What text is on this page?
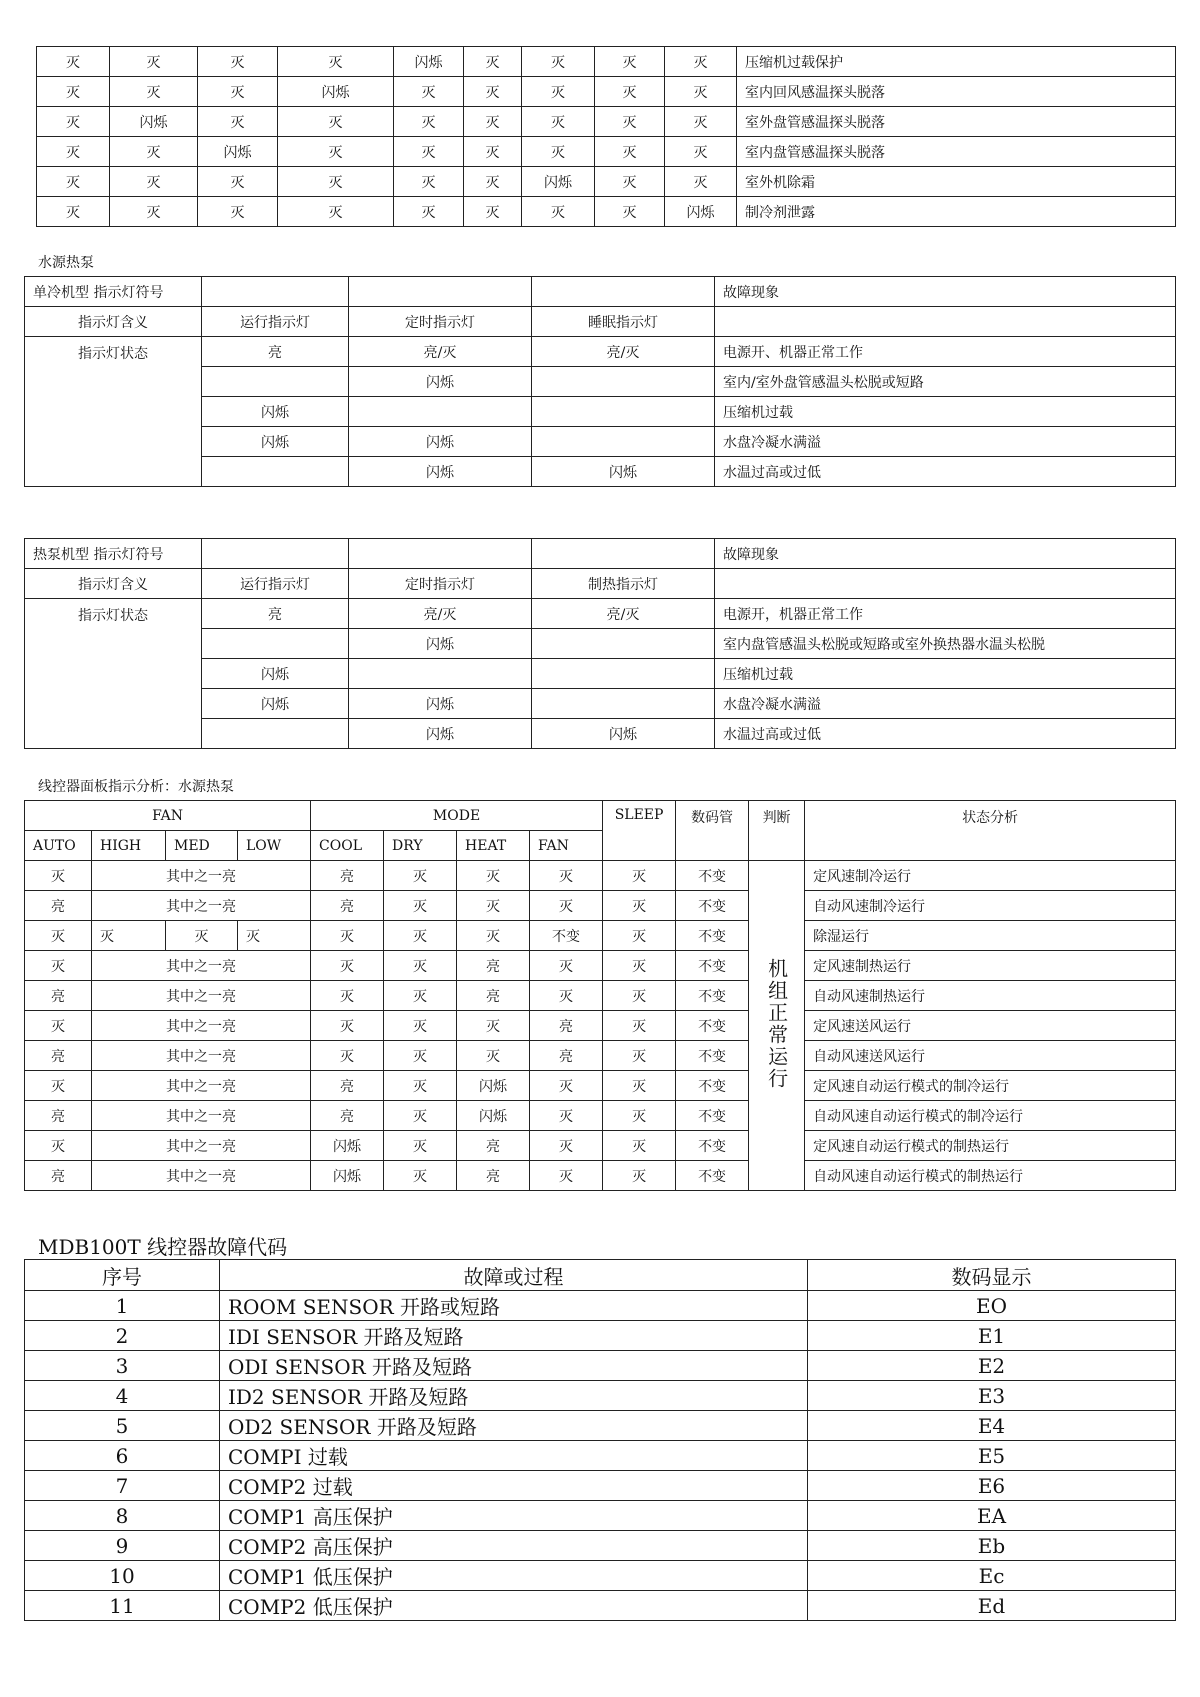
灭	灭	灭	灭	闪烁	灭	灭	灭	灭	压缩机过载保护
灭	灭	灭	闪烁	灭	灭	灭	灭	灭	室内回风感温探头脱落
灭	闪烁	灭	灭	灭	灭	灭	灭	灭	室外盘管感温探头脱落
灭	灭	闪烁	灭	灭	灭	灭	灭	灭	室内盘管感温探头脱落
灭	灭	灭	灭	灭	灭	闪烁	灭	灭	室外机除霜
灭	灭	灭	灭	灭	灭	灭	灭	闪烁	制冷剂泄露
水源热泵
单冷机型 指示灯符号				故障现象
指示灯含义	运行指示灯	定时指示灯	睡眠指示灯	
指示灯状态	亮	亮/灭	亮/灭	电源开、机器正常工作
		闪烁		室内/室外盘管感温头松脱或短路
	闪烁			压缩机过载
	闪烁	闪烁		水盘冷凝水满溢
		闪烁	闪烁	水温过高或过低
热泵机型 指示灯符号				故障现象
指示灯含义	运行指示灯	定时指示灯	制热指示灯	
指示灯状态	亮	亮/灭	亮/灭	电源开，机器正常工作
		闪烁		室内盘管感温头松脱或短路或室外换热器水温头松脱
	闪烁			压缩机过载
	闪烁	闪烁		水盘冷凝水满溢
		闪烁	闪烁	水温过高或过低
线控器面板指示分析：水源热泵
FAN				MODE				SLEEP	数码管	判断	状态分析
AUTO	HIGH	MED	LOW	COOL	DRY	HEAT	FAN				
灭	其中之一亮			亮	灭	灭	灭	灭	不变	机组正常运行	定风速制冷运行
亮	其中之一亮			亮	灭	灭	灭	灭	不变		自动风速制冷运行
灭	灭	灭	灭	灭	灭	灭	不变	灭	不变		除湿运行
灭	其中之一亮			灭	灭	亮	灭	灭	不变		定风速制热运行
亮	其中之一亮			灭	灭	亮	灭	灭	不变		自动风速制热运行
灭	其中之一亮			灭	灭	灭	亮	灭	不变		定风速送风运行
亮	其中之一亮			灭	灭	灭	亮	灭	不变		自动风速送风运行
灭	其中之一亮			亮	灭	闪烁	灭	灭	不变		定风速自动运行模式的制冷运行
亮	其中之一亮			亮	灭	闪烁	灭	灭	不变		自动风速自动运行模式的制冷运行
灭	其中之一亮			闪烁	灭	亮	灭	灭	不变		定风速自动运行模式的制热运行
亮	其中之一亮			闪烁	灭	亮	灭	灭	不变		自动风速自动运行模式的制热运行
MDB100T 线控器故障代码
序号	故障或过程	数码显示
1	ROOM SENSOR 开路或短路	EO
2	IDI SENSOR 开路及短路	E1
3	ODI SENSOR 开路及短路	E2
4	ID2 SENSOR 开路及短路	E3
5	OD2 SENSOR 开路及短路	E4
6	COMPI 过载	E5
7	COMP2 过载	E6
8	COMP1 高压保护	EA
9	COMP2 高压保护	Eb
10	COMP1 低压保护	Ec
11	COMP2 低压保护	Ed
